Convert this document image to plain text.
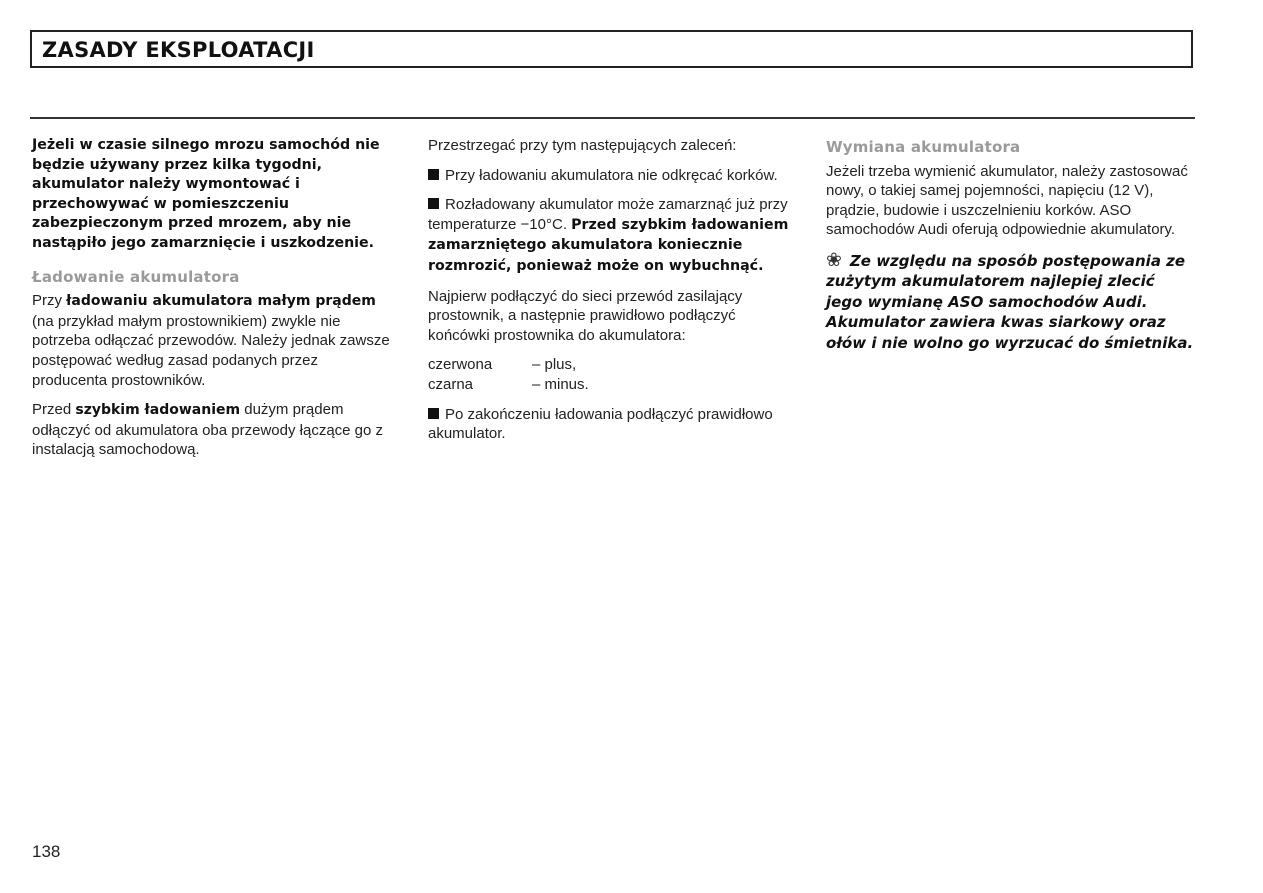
ZASADY EKSPLOATACJI

Jeżeli w czasie silnego mrozu samochód nie będzie używany przez kilka tygodni, akumulator należy wymontować i przechowywać w pomieszczeniu zabezpieczonym przed mrozem, aby nie nastąpiło jego zamarznięcie i uszkodzenie.

Ładowanie akumulatora

Przy ładowaniu akumulatora małym prądem (na przykład małym prostownikiem) zwykle nie potrzeba odłączać przewodów. Należy jednak zawsze postępować według zasad podanych przez producenta prostowników.

Przed szybkim ładowaniem dużym prądem odłączyć od akumulatora oba przewody łączące go z instalacją samochodową.

Przestrzegać przy tym następujących zaleceń:

Przy ładowaniu akumulatora nie odkręcać korków.

Rozładowany akumulator może zamarznąć już przy temperaturze −10°C. Przed szybkim ładowaniem zamarzniętego akumulatora koniecznie rozmrozić, ponieważ może on wybuchnąć.

Najpierw podłączyć do sieci przewód zasilający prostownik, a następnie prawidłowo podłączyć końcówki prostownika do akumulatora:

czerwona	– plus,
czarna	– minus.

Po zakończeniu ładowania podłączyć prawidłowo akumulator.

Wymiana akumulatora

Jeżeli trzeba wymienić akumulator, należy zastosować nowy, o takiej samej pojemności, napięciu (12 V), prądzie, budowie i uszczelnieniu korków. ASO samochodów Audi oferują odpowiednie akumulatory.

❀ Ze względu na sposób postępowania ze zużytym akumulatorem najlepiej zlecić jego wymianę ASO samochodów Audi. Akumulator zawiera kwas siarkowy oraz ołów i nie wolno go wyrzucać do śmietnika.

138
